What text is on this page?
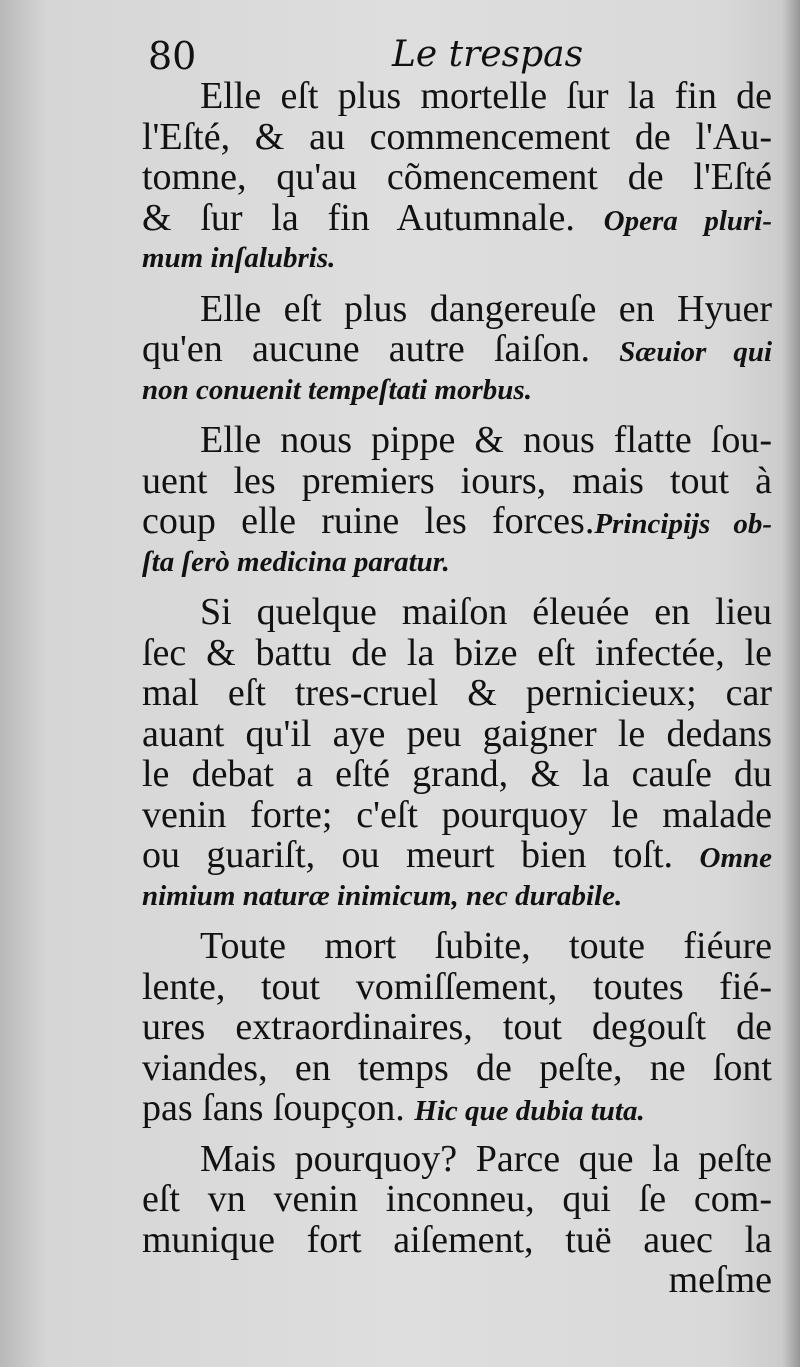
80	Le trespas
Elle eſt plus mortelle ſur la fin de
l'Eſté, & au commencement de l'Au-
tomne, qu'au cõmencement de l'Eſté
& ſur la fin Autumnale. Opera pluri-
mum inſalubris.
Elle eſt plus dangereuſe en Hyuer
qu'en aucune autre ſaiſon. Sæuior qui
non conuenit tempeſtati morbus.
Elle nous pippe & nous flatte ſou-
uent les premiers iours, mais tout à
coup elle ruine les forces.Principijs ob-
ſta ſerò medicina paratur.
Si quelque maiſon éleuée en lieu
ſec & battu de la bize eſt infectée, le
mal eſt tres-cruel & pernicieux; car
auant qu'il aye peu gaigner le dedans
le debat a eſté grand, & la cauſe du
venin forte; c'eſt pourquoy le malade
ou guariſt, ou meurt bien toſt. Omne
nimium naturæ inimicum, nec durabile.
Toute mort ſubite, toute fiéure
lente, tout vomiſſement, toutes fié-
ures extraordinaires, tout degouſt de
viandes, en temps de peſte, ne ſont
pas ſans ſoupçon. Hic que dubia tuta.
Mais pourquoy? Parce que la peſte
eſt vn venin inconneu, qui ſe com-
munique fort aiſement, tuë auec la
meſme
